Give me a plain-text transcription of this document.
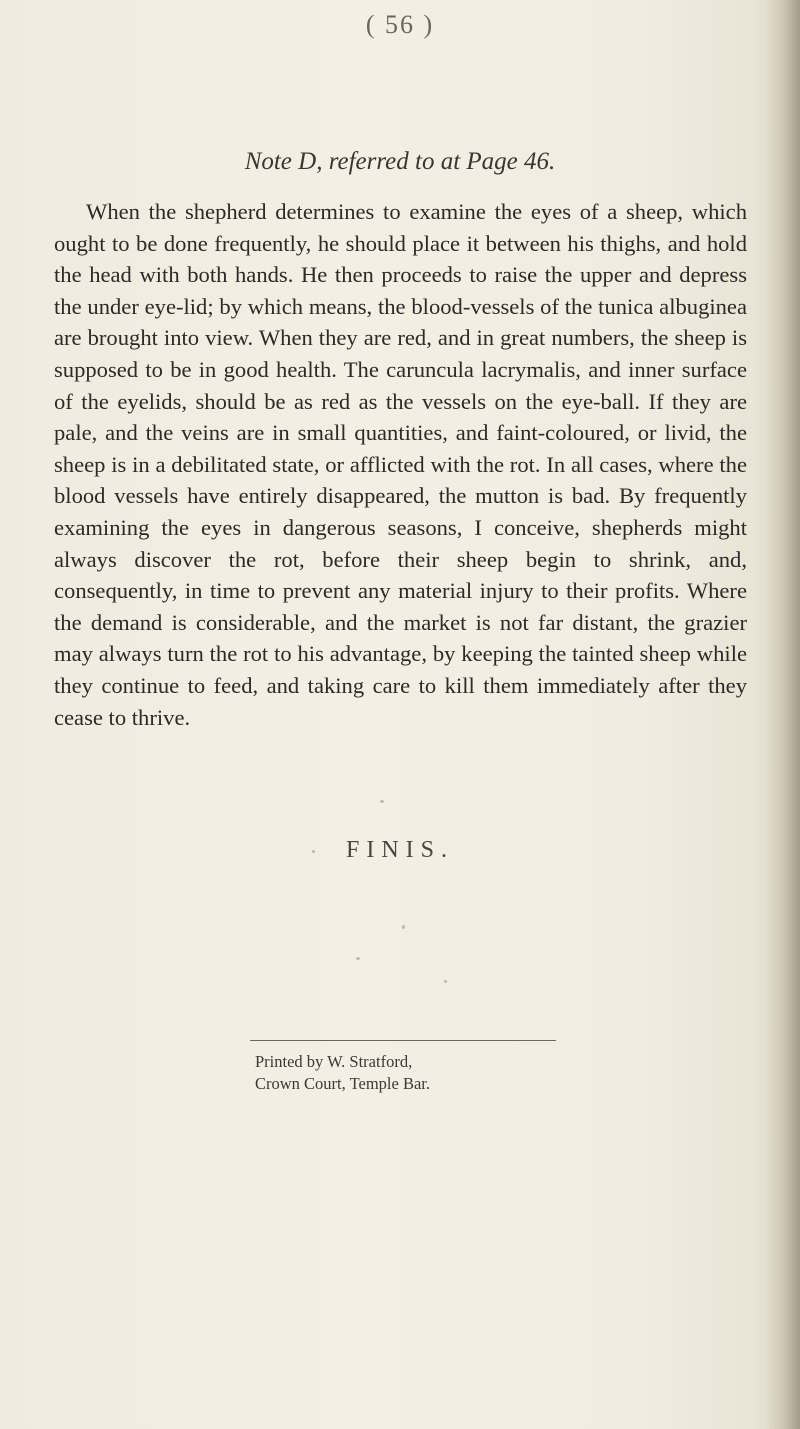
( 56 )
Note D, referred to at Page 46.

When the shepherd determines to examine the eyes of a sheep, which ought to be done frequently, he should place it between his thighs, and hold the head with both hands. He then proceeds to raise the upper and depress the under eye-lid; by which means, the blood-vessels of the tunica albuginea are brought into view. When they are red, and in great numbers, the sheep is supposed to be in good health. The caruncula lacrymalis, and inner surface of the eyelids, should be as red as the vessels on the eye-ball. If they are pale, and the veins are in small quantities, and faint-coloured, or livid, the sheep is in a debilitated state, or afflicted with the rot. In all cases, where the blood vessels have entirely disappeared, the mutton is bad. By frequently examining the eyes in dangerous seasons, I conceive, shepherds might always discover the rot, before their sheep begin to shrink, and, consequently, in time to prevent any material injury to their profits. Where the demand is considerable, and the market is not far distant, the grazier may always turn the rot to his advantage, by keeping the tainted sheep while they continue to feed, and taking care to kill them immediately after they cease to thrive.

FINIS.

Printed by W. Stratford,
Crown Court, Temple Bar.
